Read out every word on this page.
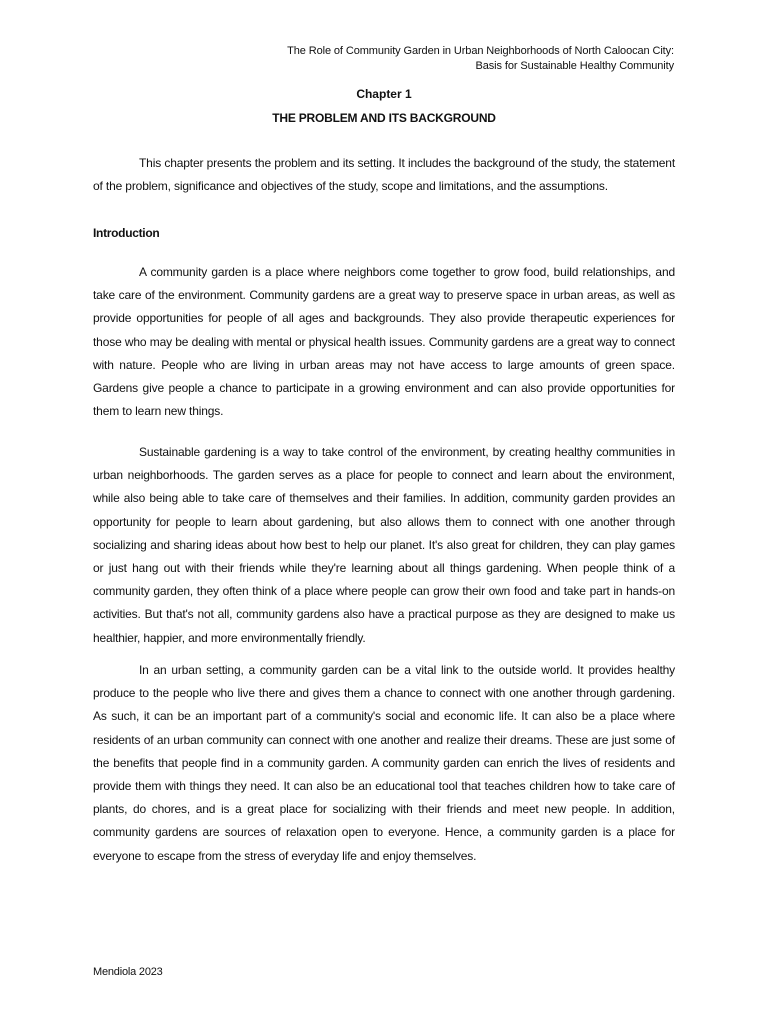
The Role of Community Garden in Urban Neighborhoods of North Caloocan City:
Basis for Sustainable Healthy Community
Chapter 1
THE PROBLEM AND ITS BACKGROUND

This chapter presents the problem and its setting. It includes the background of the study, the statement of the problem, significance and objectives of the study, scope and limitations, and the assumptions.

Introduction

A community garden is a place where neighbors come together to grow food, build relationships, and take care of the environment. Community gardens are a great way to preserve space in urban areas, as well as provide opportunities for people of all ages and backgrounds. They also provide therapeutic experiences for those who may be dealing with mental or physical health issues. Community gardens are a great way to connect with nature. People who are living in urban areas may not have access to large amounts of green space. Gardens give people a chance to participate in a growing environment and can also provide opportunities for them to learn new things.

Sustainable gardening is a way to take control of the environment, by creating healthy communities in urban neighborhoods. The garden serves as a place for people to connect and learn about the environment, while also being able to take care of themselves and their families. In addition, community garden provides an opportunity for people to learn about gardening, but also allows them to connect with one another through socializing and sharing ideas about how best to help our planet. It's also great for children, they can play games or just hang out with their friends while they're learning about all things gardening. When people think of a community garden, they often think of a place where people can grow their own food and take part in hands-on activities. But that's not all, community gardens also have a practical purpose as they are designed to make us healthier, happier, and more environmentally friendly.

In an urban setting, a community garden can be a vital link to the outside world. It provides healthy produce to the people who live there and gives them a chance to connect with one another through gardening. As such, it can be an important part of a community's social and economic life. It can also be a place where residents of an urban community can connect with one another and realize their dreams. These are just some of the benefits that people find in a community garden. A community garden can enrich the lives of residents and provide them with things they need. It can also be an educational tool that teaches children how to take care of plants, do chores, and is a great place for socializing with their friends and meet new people. In addition, community gardens are sources of relaxation open to everyone. Hence, a community garden is a place for everyone to escape from the stress of everyday life and enjoy themselves.

Mendiola 2023
